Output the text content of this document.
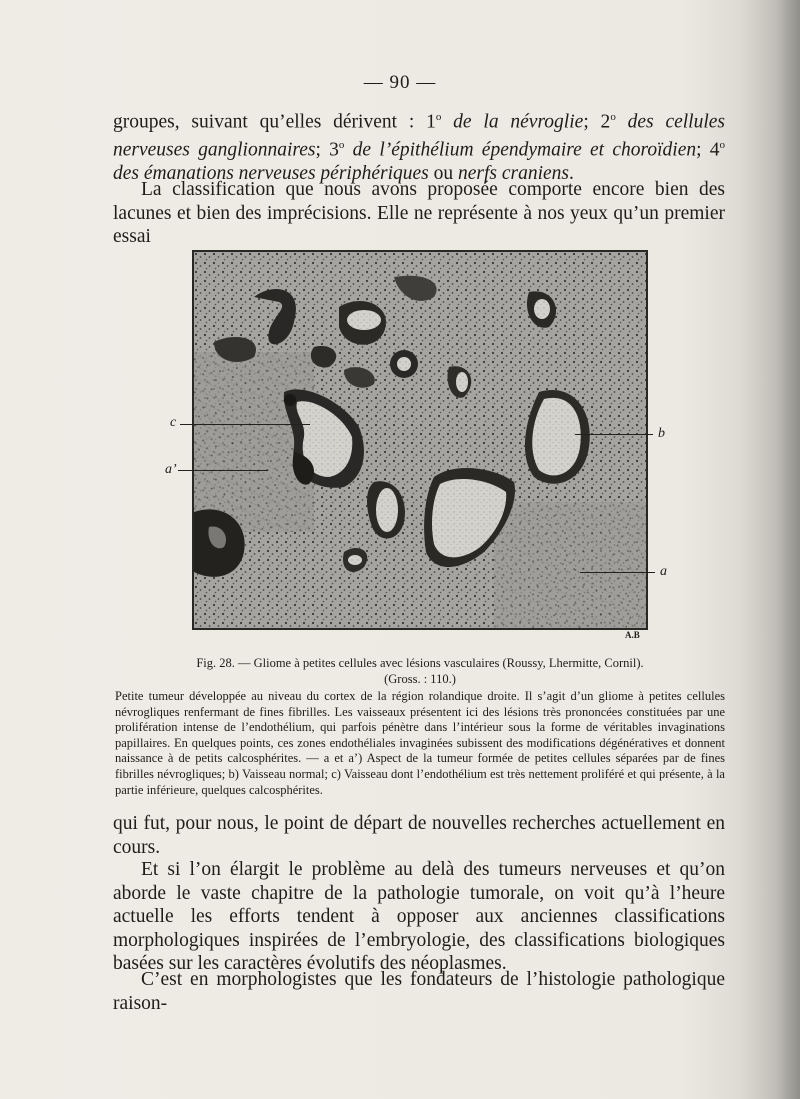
— 90 —
groupes, suivant qu’elles dérivent : 1$^o$ de la névroglie; 2$^o$ des cellules nerveuses ganglionnaires; 3$^o$ de l’épithélium épendymaire et choroïdien; 4$^o$ des émanations nerveuses périphériques ou nerfs craniens.
La classification que nous avons proposée comporte encore bien des lacunes et bien des imprécisions. Elle ne représente à nos yeux qu’un premier essai
c
a’
b
a
A.B
Fig. 28. — Gliome à petites cellules avec lésions vasculaires (Roussy, Lhermitte, Cornil).
(Gross. : 110.)
Petite tumeur développée au niveau du cortex de la région rolandique droite. Il s’agit d’un gliome à petites cellules névrogliques renfermant de fines fibrilles. Les vaisseaux présentent ici des lésions très prononcées constituées par une prolifération intense de l’endothélium, qui parfois pénètre dans l’intérieur sous la forme de véritables invaginations papillaires. En quelques points, ces zones endothéliales invaginées subissent des modifications dégénératives et donnent naissance à de petits calcosphérites. — a et a’) Aspect de la tumeur formée de petites cellules séparées par de fines fibrilles névrogliques; b) Vaisseau normal; c) Vaisseau dont l’endothélium est très nettement proliféré et qui présente, à la partie inférieure, quelques calcosphérites.
qui fut, pour nous, le point de départ de nouvelles recherches actuellement en cours.
Et si l’on élargit le problème au delà des tumeurs nerveuses et qu’on aborde le vaste chapitre de la pathologie tumorale, on voit qu’à l’heure actuelle les efforts tendent à opposer aux anciennes classifications morphologiques inspirées de l’embryologie, des classifications biologiques basées sur les caractères évolutifs des néoplasmes.
C’est en morphologistes que les fondateurs de l’histologie pathologique raison-
